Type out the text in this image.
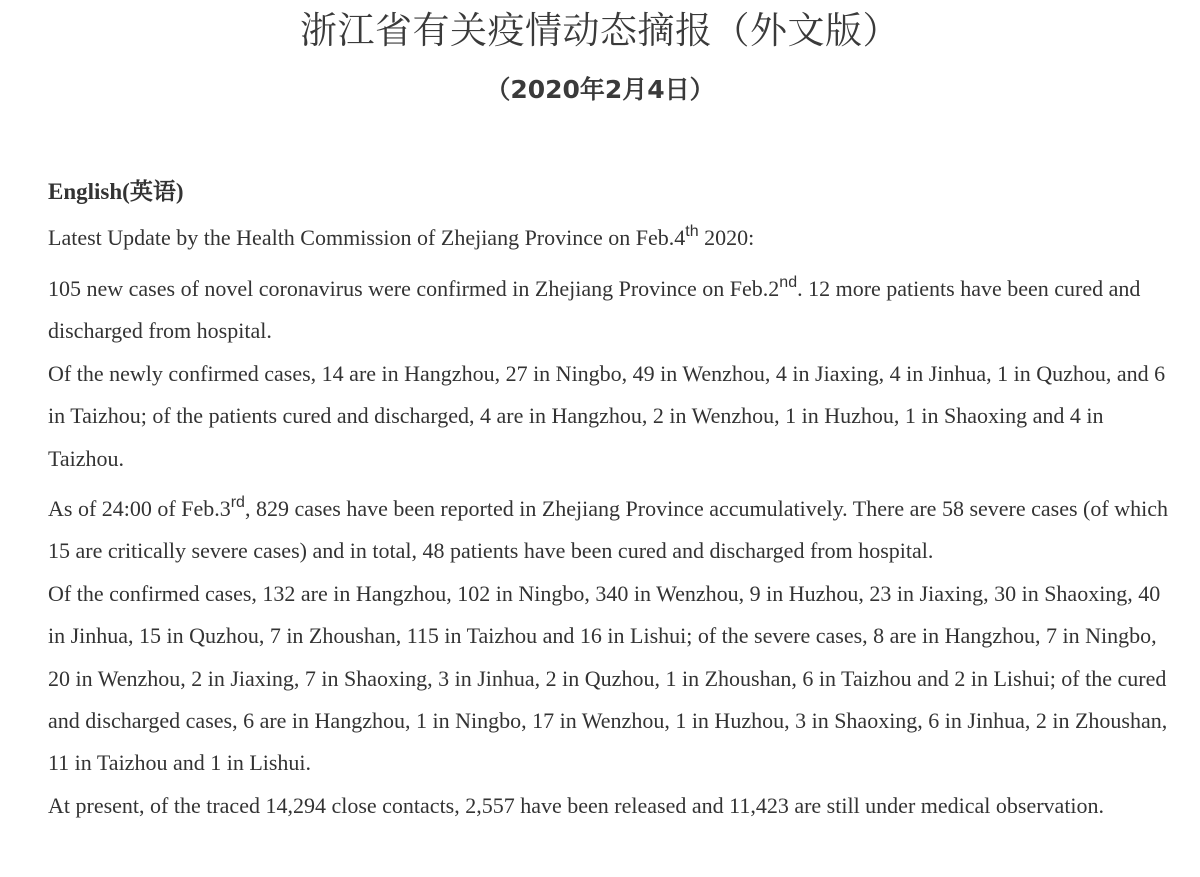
浙江省有关疫情动态摘报（外文版）
（2020年2月4日）
English(英语)
Latest Update by the Health Commission of Zhejiang Province on Feb.4th 2020:

105 new cases of novel coronavirus were confirmed in Zhejiang Province on Feb.2nd. 12 more patients have been cured and discharged from hospital.

Of the newly confirmed cases, 14 are in Hangzhou, 27 in Ningbo, 49 in Wenzhou, 4 in Jiaxing, 4 in Jinhua, 1 in Quzhou, and 6 in Taizhou; of the patients cured and discharged, 4 are in Hangzhou, 2 in Wenzhou, 1 in Huzhou, 1 in Shaoxing and 4 in Taizhou.

As of 24:00 of Feb.3rd, 829 cases have been reported in Zhejiang Province accumulatively. There are 58 severe cases (of which 15 are critically severe cases) and in total, 48 patients have been cured and discharged from hospital.

Of the confirmed cases, 132 are in Hangzhou, 102 in Ningbo, 340 in Wenzhou, 9 in Huzhou, 23 in Jiaxing, 30 in Shaoxing, 40 in Jinhua, 15 in Quzhou, 7 in Zhoushan, 115 in Taizhou and 16 in Lishui; of the severe cases, 8 are in Hangzhou, 7 in Ningbo, 20 in Wenzhou, 2 in Jiaxing, 7 in Shaoxing, 3 in Jinhua, 2 in Quzhou, 1 in Zhoushan, 6 in Taizhou and 2 in Lishui; of the cured and discharged cases, 6 are in Hangzhou, 1 in Ningbo, 17 in Wenzhou, 1 in Huzhou, 3 in Shaoxing, 6 in Jinhua, 2 in Zhoushan, 11 in Taizhou and 1 in Lishui.

At present, of the traced 14,294 close contacts, 2,557 have been released and 11,423 are still under medical observation.
